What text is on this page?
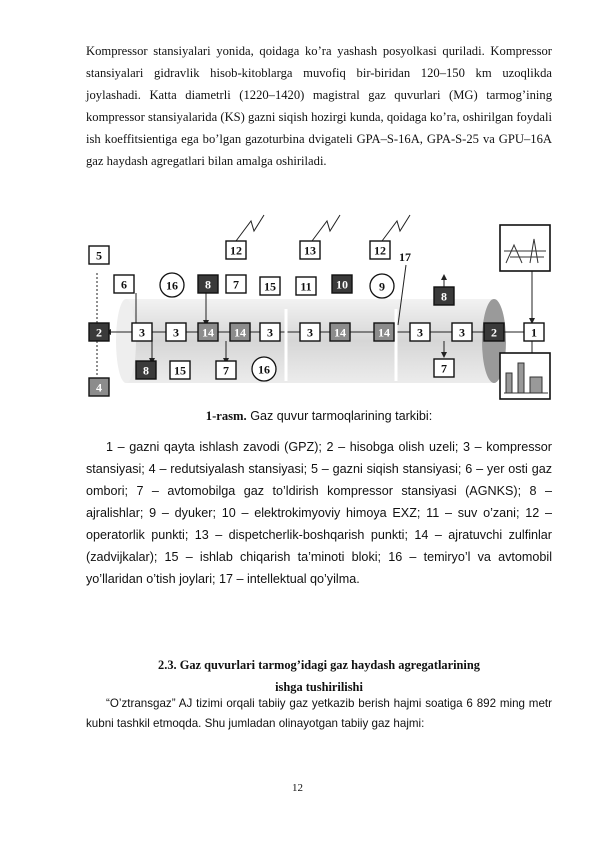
Kompressor stansiyalari yonida, qoidaga ko’ra yashash posyolkasi quriladi. Kompressor stansiyalari gidravlik hisob-kitoblarga muvofiq bir-biridan 120–150 km uzoqlikda joylashadi. Katta diametrli (1220–1420) magistral gaz quvurlari (MG) tarmog’ining kompressor stansiyalarida (KS) gazni siqish hozirgi kunda, qoidaga ko’ra, oshirilgan foydali ish koeffitsientiga ega bo’lgan gazoturbina dvigateli GPA–S-16A, GPA-S-25 va GPU–16A gaz haydash agregatlari bilan amalga oshiriladi.
5
6
2
4
8 15	7
3 3 14 14 3	3 14	14 3	3 2	1
8 7 15 11 10
12	13	12
8
7
16
16
9
17
1-rasm. Gaz quvur tarmoqlarining tarkibi:
1 – gazni qayta ishlash zavodi (GPZ); 2 – hisobga olish uzeli; 3 – kompressor stansiyasi; 4 – redutsiyalash stansiyasi; 5 – gazni siqish stansiyasi; 6 – yer osti gaz ombori; 7 – avtomobilga gaz to’ldirish kompressor stansiyasi (AGNKS); 8 – ajralishlar; 9 – dyuker; 10 – elektrokimyoviy himoya EXZ; 11 – suv o’zani; 12 – operatorlik punkti; 13 – dispetcherlik-boshqarish punkti; 14 – ajratuvchi zulfinlar (zadvijkalar); 15 – ishlab chiqarish ta’minoti bloki; 16 – temiryo’l va avtomobil yo’llaridan o’tish joylari; 17 – intellektual qo’yilma.
2.3. Gaz quvurlari tarmog’idagi gaz haydash agregatlarining
ishga tushirilishi
“O’ztransgaz” AJ tizimi orqali tabiiy gaz yetkazib berish hajmi soatiga 6 892 ming metr kubni tashkil etmoqda. Shu jumladan olinayotgan tabiiy gaz hajmi:
12
